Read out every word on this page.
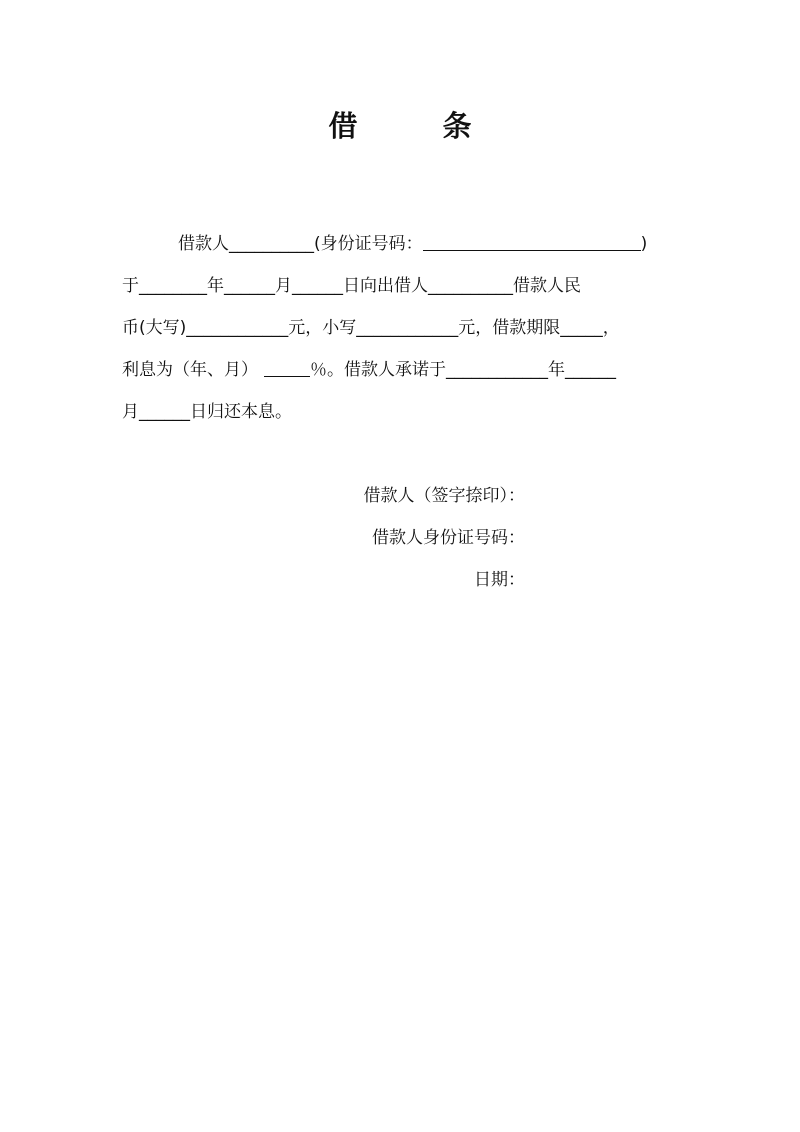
借　条
借款人__________(身份证号码：	)
于________年______月______日向出借人__________借款人民
币(大写)____________元，小写____________元，借款期限_____，
利息为（年、月）	％。借款人承诺于____________年______
月______日归还本息。
借款人（签字捺印）：
借款人身份证号码：
日期：
